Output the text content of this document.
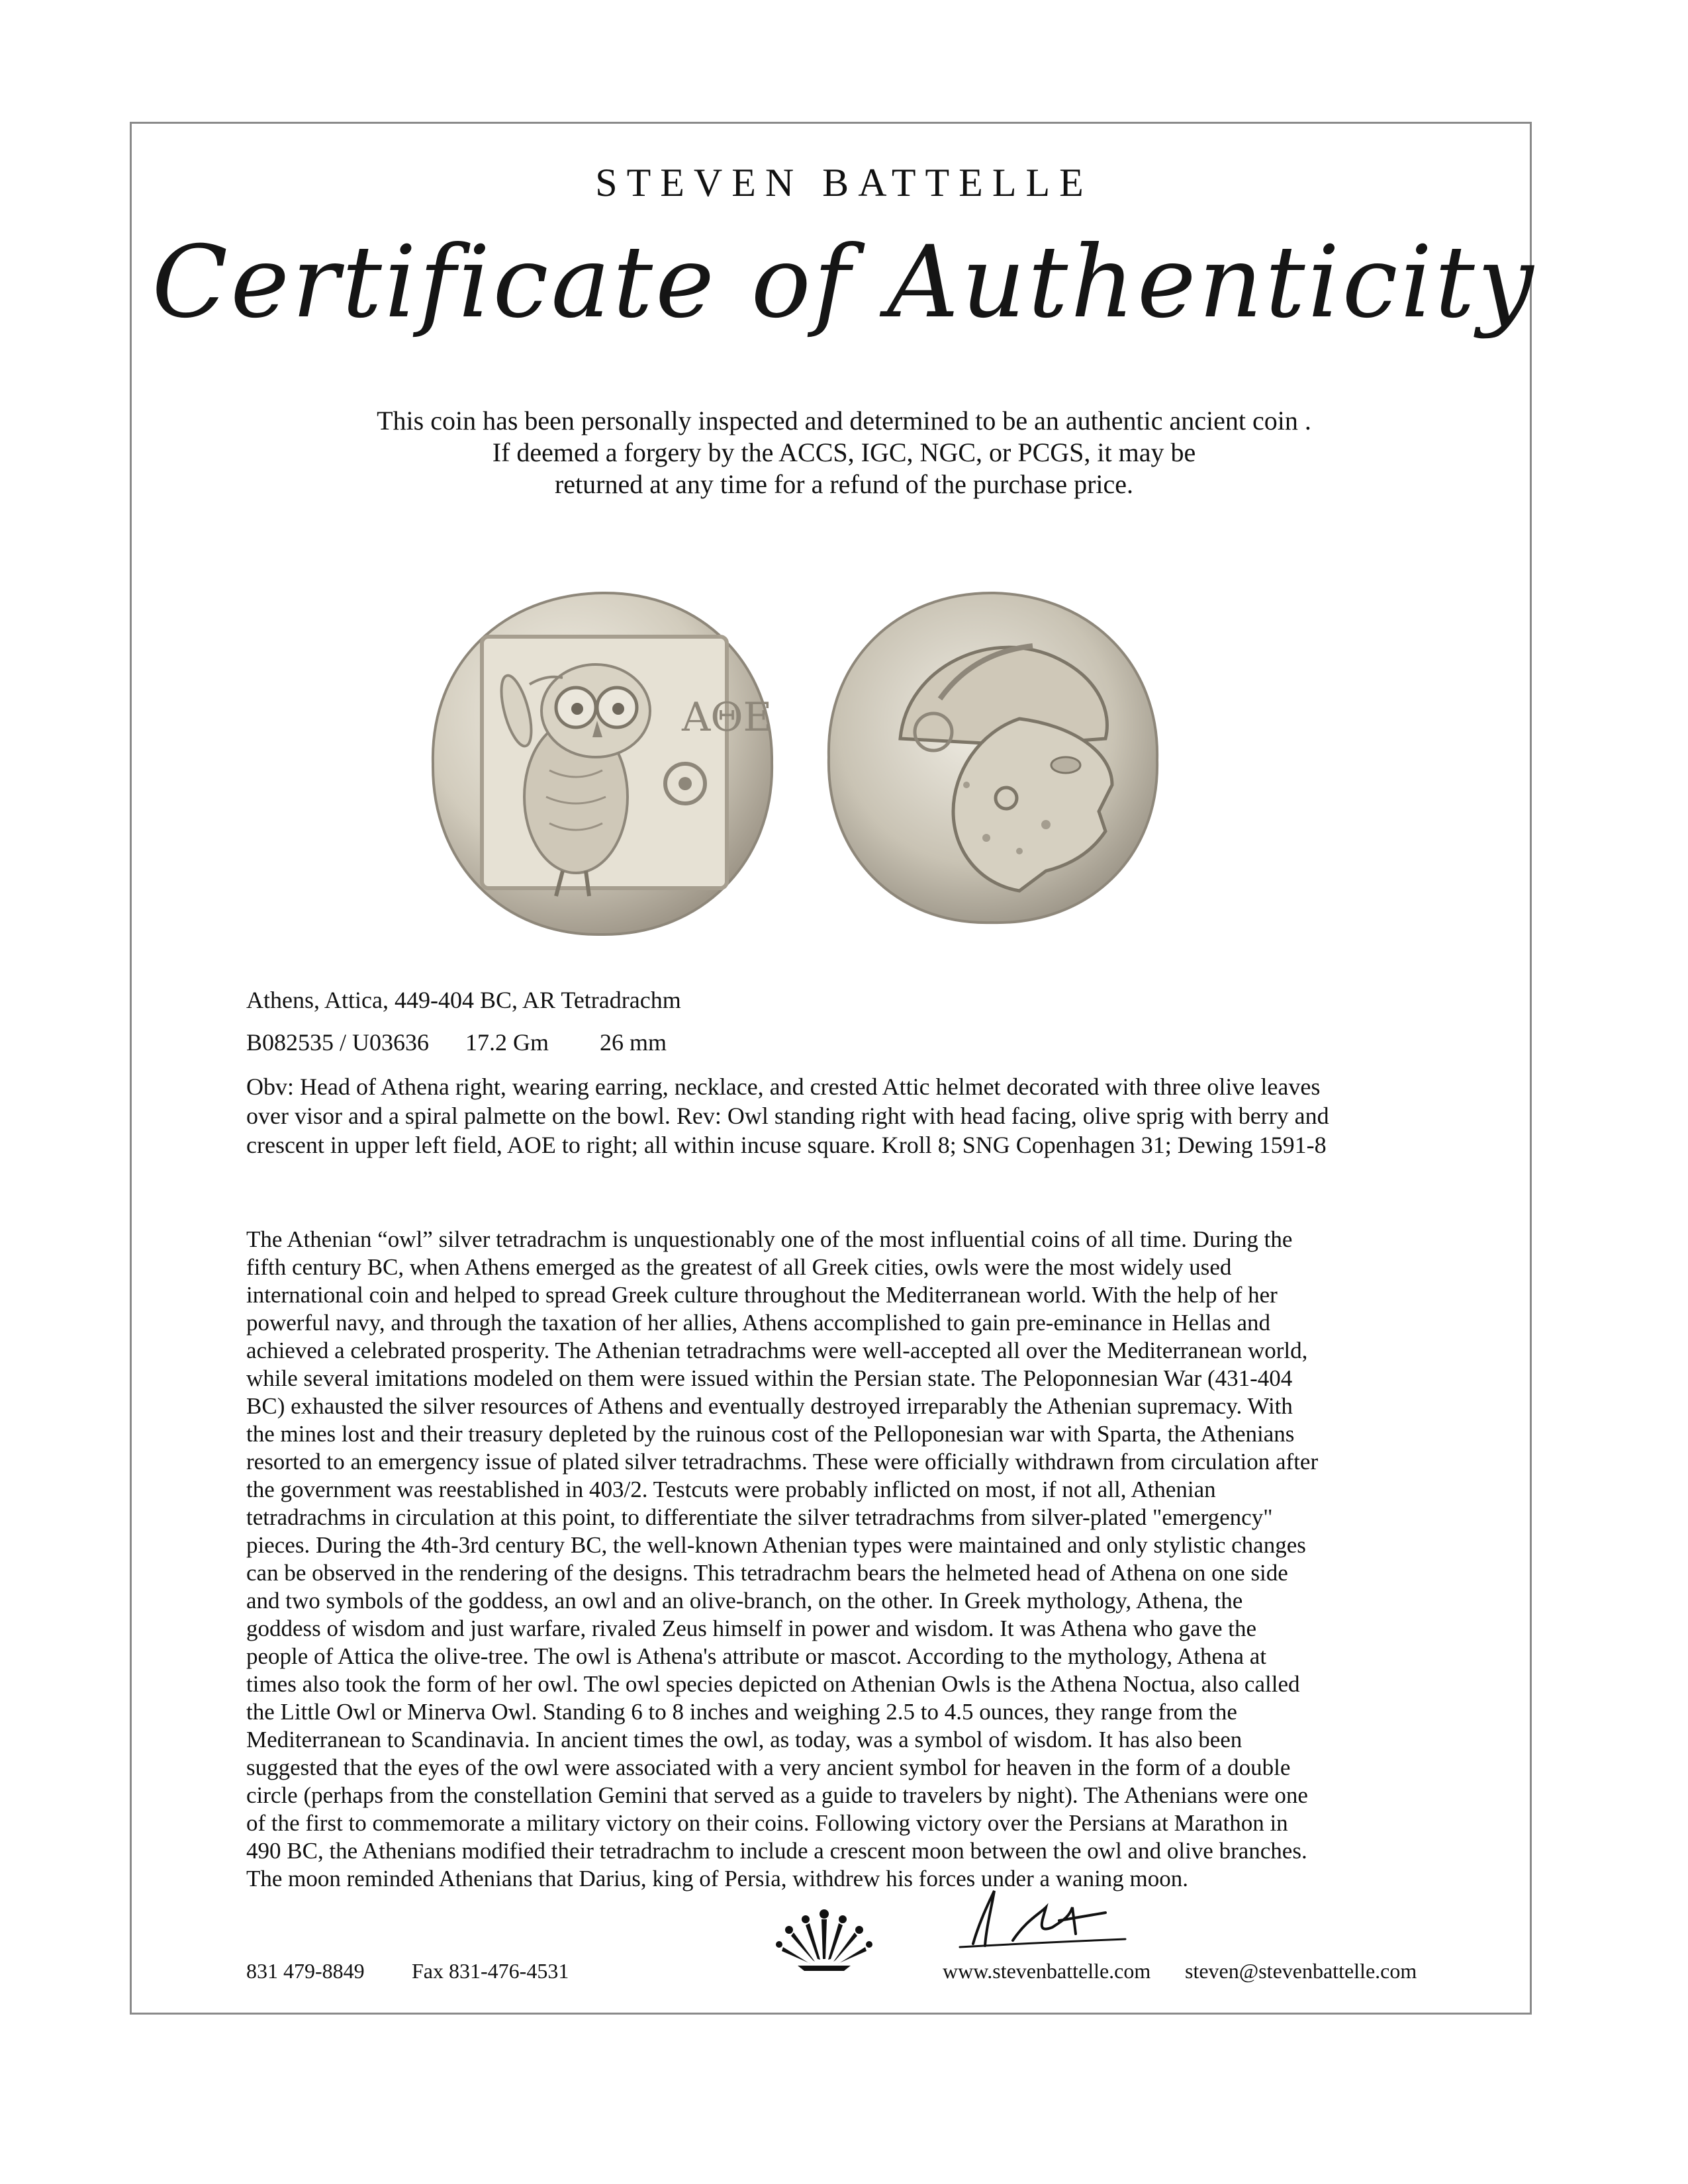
STEVEN BATTELLE
Certificate of Authenticity
This coin has been personally inspected and determined to be an authentic ancient coin .
If deemed a forgery by the ACCS, IGC, NGC, or PCGS, it may be
returned at any time for a refund of the purchase price.
AΘE
Athens, Attica, 449-404 BC, AR Tetradrachm
B082535 / U03636 17.2 Gm 26 mm
Obv: Head of Athena right, wearing earring, necklace, and crested Attic helmet decorated with three olive leaves
over visor and a spiral palmette on the bowl. Rev: Owl standing right with head facing, olive sprig with berry and
crescent in upper left field, AOE to right; all within incuse square. Kroll 8; SNG Copenhagen 31; Dewing 1591-8
The Athenian “owl” silver tetradrachm is unquestionably one of the most influential coins of all time. During the
fifth century BC, when Athens emerged as the greatest of all Greek cities, owls were the most widely used
international coin and helped to spread Greek culture throughout the Mediterranean world. With the help of her
powerful navy, and through the taxation of her allies, Athens accomplished to gain pre-eminance in Hellas and
achieved a celebrated prosperity. The Athenian tetradrachms were well-accepted all over the Mediterranean world,
while several imitations modeled on them were issued within the Persian state. The Peloponnesian War (431-404
BC) exhausted the silver resources of Athens and eventually destroyed irreparably the Athenian supremacy. With
the mines lost and their treasury depleted by the ruinous cost of the Pelloponesian war with Sparta, the Athenians
resorted to an emergency issue of plated silver tetradrachms. These were officially withdrawn from circulation after
the government was reestablished in 403/2. Testcuts were probably inflicted on most, if not all, Athenian
tetradrachms in circulation at this point, to differentiate the silver tetradrachms from silver-plated "emergency"
pieces. During the 4th-3rd century BC, the well-known Athenian types were maintained and only stylistic changes
can be observed in the rendering of the designs. This tetradrachm bears the helmeted head of Athena on one side
and two symbols of the goddess, an owl and an olive-branch, on the other. In Greek mythology, Athena, the
goddess of wisdom and just warfare, rivaled Zeus himself in power and wisdom. It was Athena who gave the
people of Attica the olive-tree. The owl is Athena's attribute or mascot. According to the mythology, Athena at
times also took the form of her owl. The owl species depicted on Athenian Owls is the Athena Noctua, also called
the Little Owl or Minerva Owl. Standing 6 to 8 inches and weighing 2.5 to 4.5 ounces, they range from the
Mediterranean to Scandinavia. In ancient times the owl, as today, was a symbol of wisdom. It has also been
suggested that the eyes of the owl were associated with a very ancient symbol for heaven in the form of a double
circle (perhaps from the constellation Gemini that served as a guide to travelers by night). The Athenians were one
of the first to commemorate a military victory on their coins. Following victory over the Persians at Marathon in
490 BC, the Athenians modified their tetradrachm to include a crescent moon between the owl and olive branches.
The moon reminded Athenians that Darius, king of Persia, withdrew his forces under a waning moon.
831 479-8849 Fax 831-476-4531	www.stevenbattelle.com steven@stevenbattelle.com
